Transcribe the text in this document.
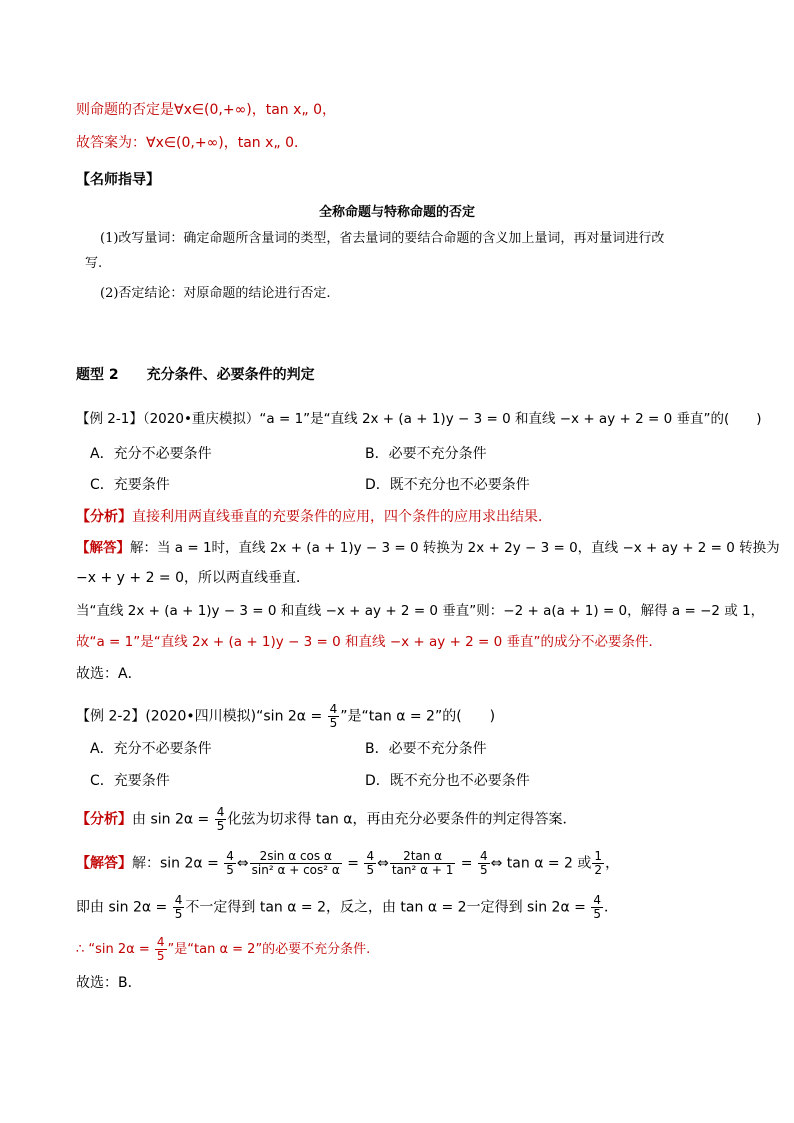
则命题的否定是∀x∈(0,+∞)，tan x„ 0，
故答案为：∀x∈(0,+∞)，tan x„ 0．
【名师指导】
全称命题与特称命题的否定
(1)改写量词：确定命题所含量词的类型，省去量词的要结合命题的含义加上量词，再对量词进行改
写.
(2)否定结论：对原命题的结论进行否定.
题型 2　　充分条件、必要条件的判定
【例 2-1】（2020•重庆模拟）“a = 1”是“直线 2x + (a + 1)y − 3 = 0 和直线 −x + ay + 2 = 0 垂直”的(　　)
A．充分不必要条件	B．必要不充分条件
C．充要条件	D．既不充分也不必要条件
【分析】直接利用两直线垂直的充要条件的应用，四个条件的应用求出结果．
【解答】解：当 a = 1时，直线 2x + (a + 1)y − 3 = 0 转换为 2x + 2y − 3 = 0，直线 −x + ay + 2 = 0 转换为
−x + y + 2 = 0，所以两直线垂直．
当“直线 2x + (a + 1)y − 3 = 0 和直线 −x + ay + 2 = 0 垂直”则：−2 + a(a + 1) = 0，解得 a = −2 或 1，
故“a = 1”是“直线 2x + (a + 1)y − 3 = 0 和直线 −x + ay + 2 = 0 垂直”的成分不必要条件．
故选：A．
【例 2-2】(2020•四川模拟)“sin $2\alpha = \frac{4}{5}$ ”是“tan α = 2”的(　　)
A．充分不必要条件	B．必要不充分条件
C．充要条件	D．既不充分也不必要条件
【分析】由 $\sin 2\alpha = \frac{4}{5}$ 化弦为切求得 tan α，再由充分必要条件的判定得答案．
【解答】解：$\sin 2\alpha = \frac{4}{5}$ ⇔ $\frac{\text{2sin α cos α}}{\text{sin² α + cos² α}} = \frac{4}{5}$ ⇔ $\frac{\text{2tan α}}{\text{tan² α + 1}} = \frac{4}{5}$ ⇔ tan α = 2 或 $\frac{1}{2}$ ，
即由 $\sin 2\alpha = \frac{4}{5}$ 不一定得到 tan α = 2，反之，由 tan α = 2一定得到 $\sin 2\alpha = \frac{4}{5}$ ．
∴ “sin $2\alpha = \frac{4}{5}$ ”是“tan α = 2”的必要不充分条件.
故选：B．
